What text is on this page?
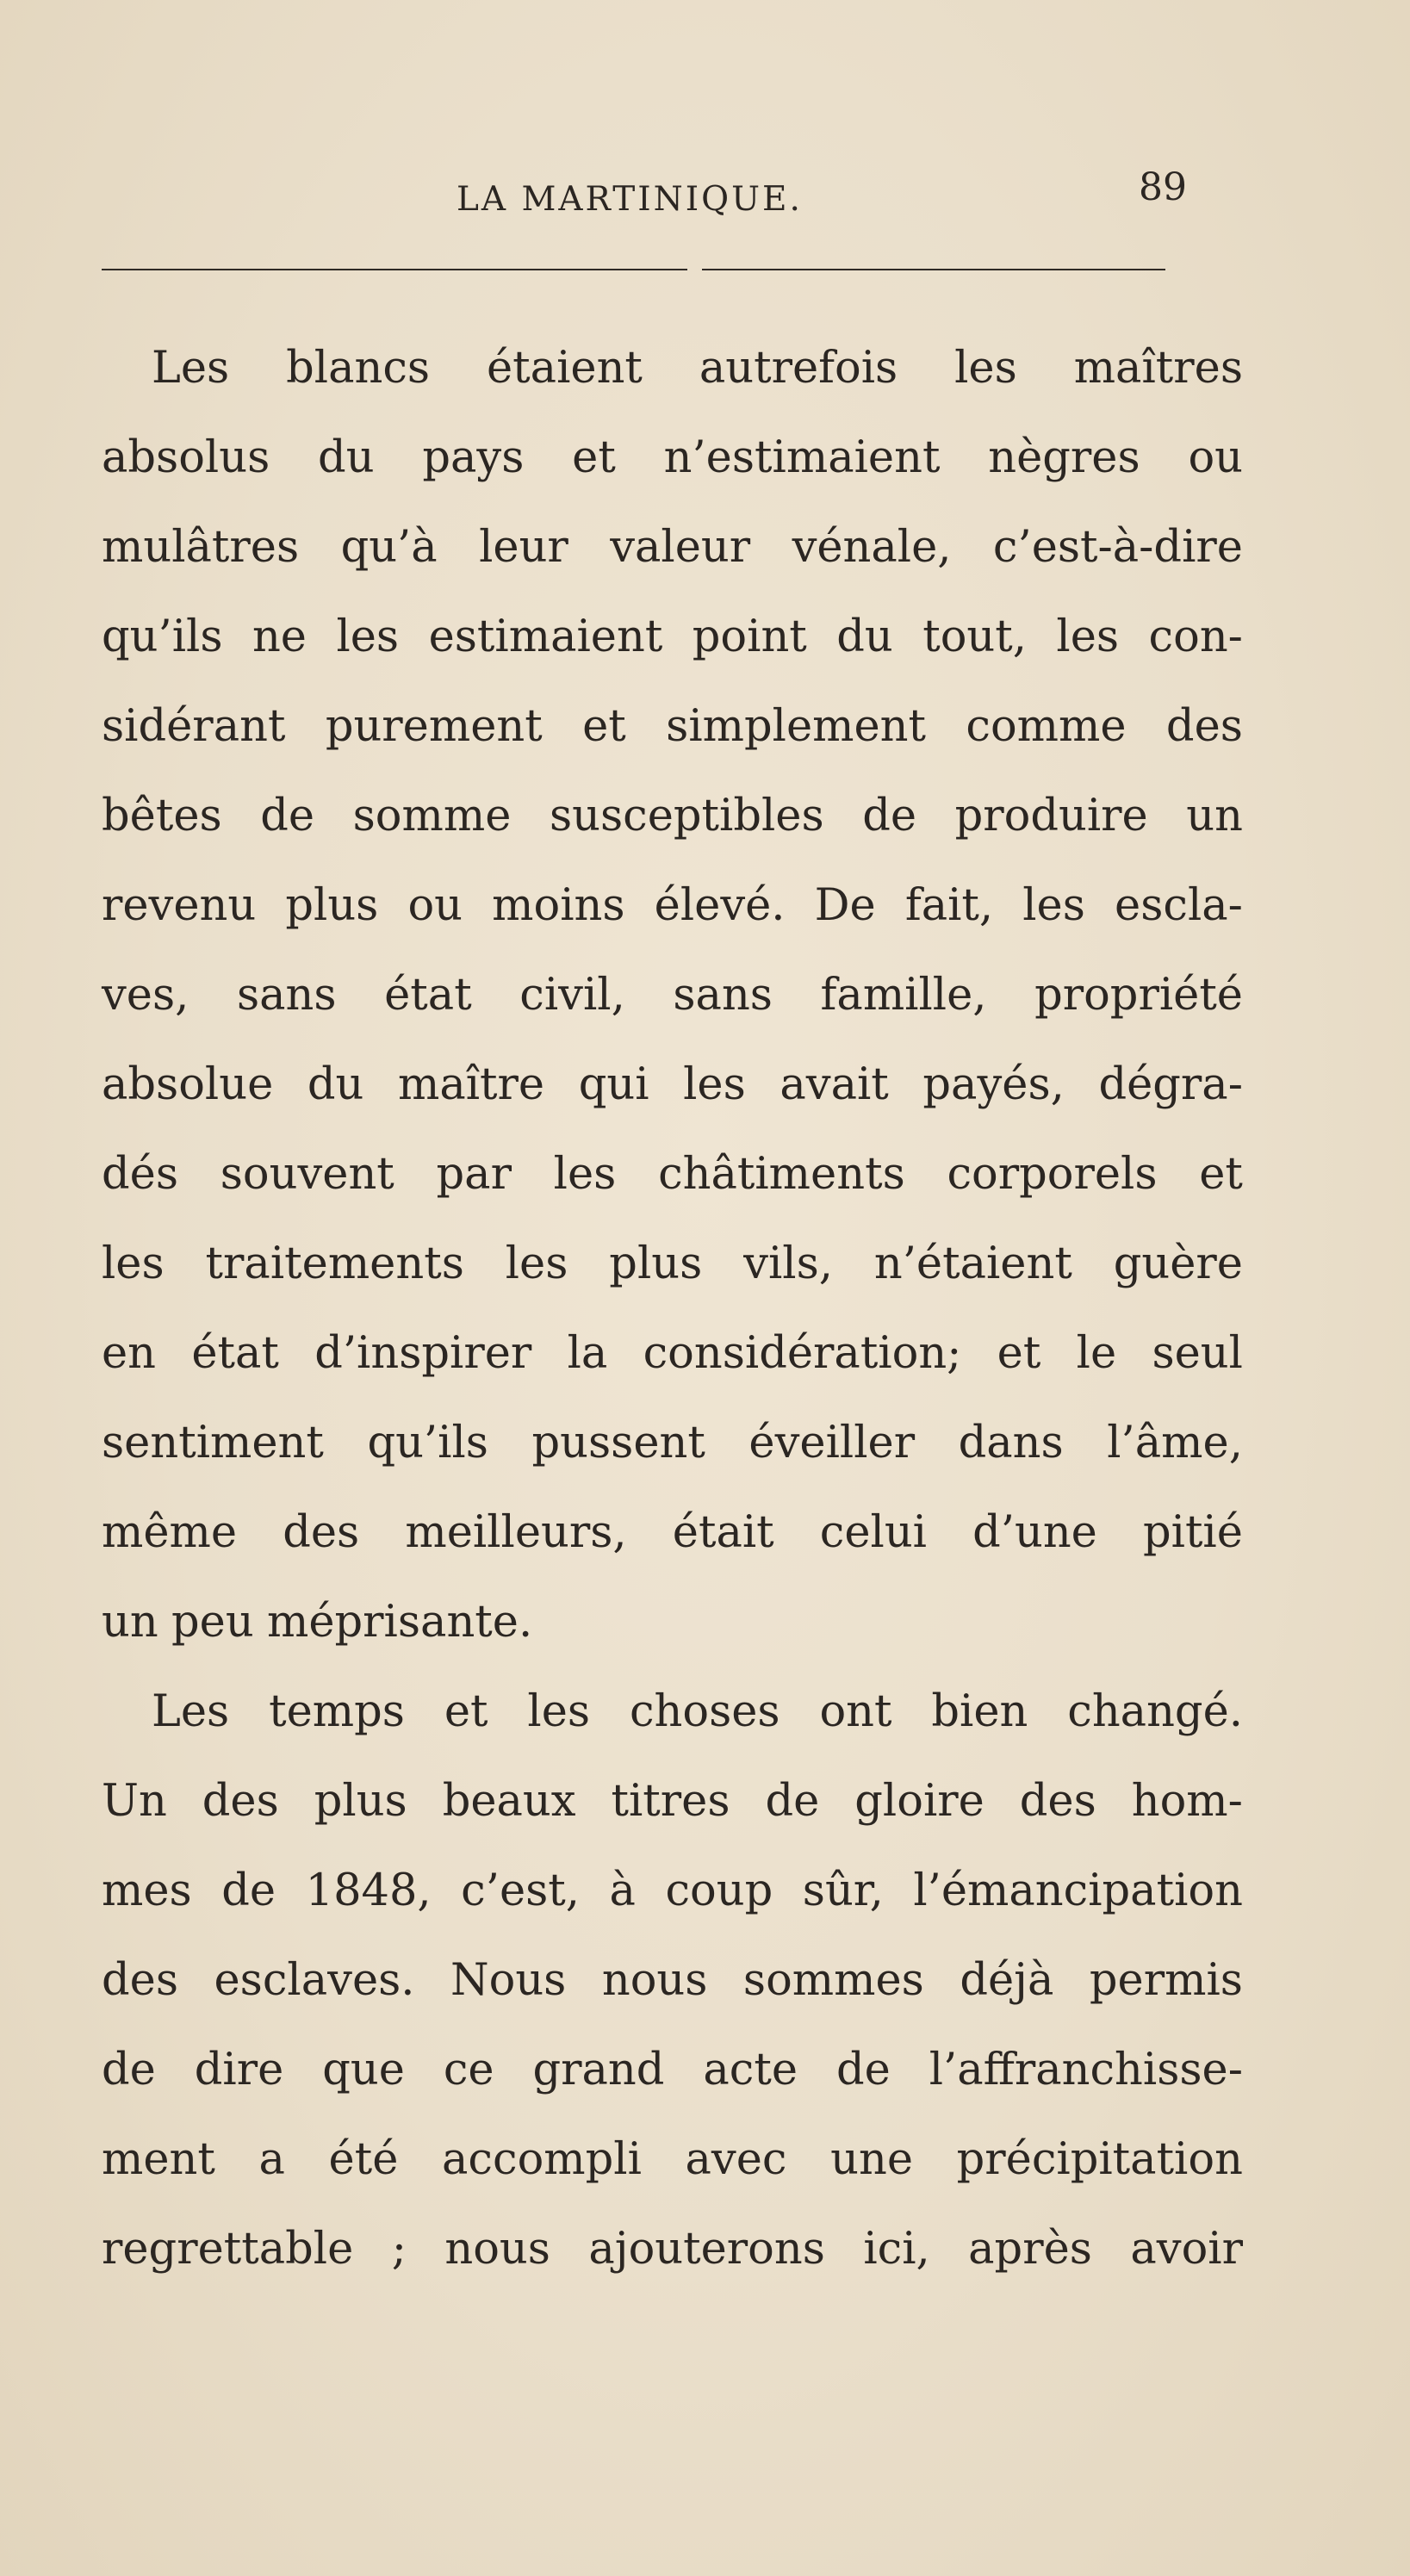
LA MARTINIQUE.	89
Les blancs étaient autrefois les maîtres
absolus du pays et n’estimaient nègres ou
mulâtres qu’à leur valeur vénale, c’est-à-dire
qu’ils ne les estimaient point du tout, les con-
sidérant purement et simplement comme des
bêtes de somme susceptibles de produire un
revenu plus ou moins élevé. De fait, les escla-
ves, sans état civil, sans famille, propriété
absolue du maître qui les avait payés, dégra-
dés souvent par les châtiments corporels et
les traitements les plus vils, n’étaient guère
en état d’inspirer la considération; et le seul
sentiment qu’ils pussent éveiller dans l’âme,
même des meilleurs, était celui d’une pitié
un peu méprisante.
Les temps et les choses ont bien changé.
Un des plus beaux titres de gloire des hom-
mes de 1848, c’est, à coup sûr, l’émancipation
des esclaves. Nous nous sommes déjà permis
de dire que ce grand acte de l’affranchisse-
ment a été accompli avec une précipitation
regrettable ; nous ajouterons ici, après avoir
